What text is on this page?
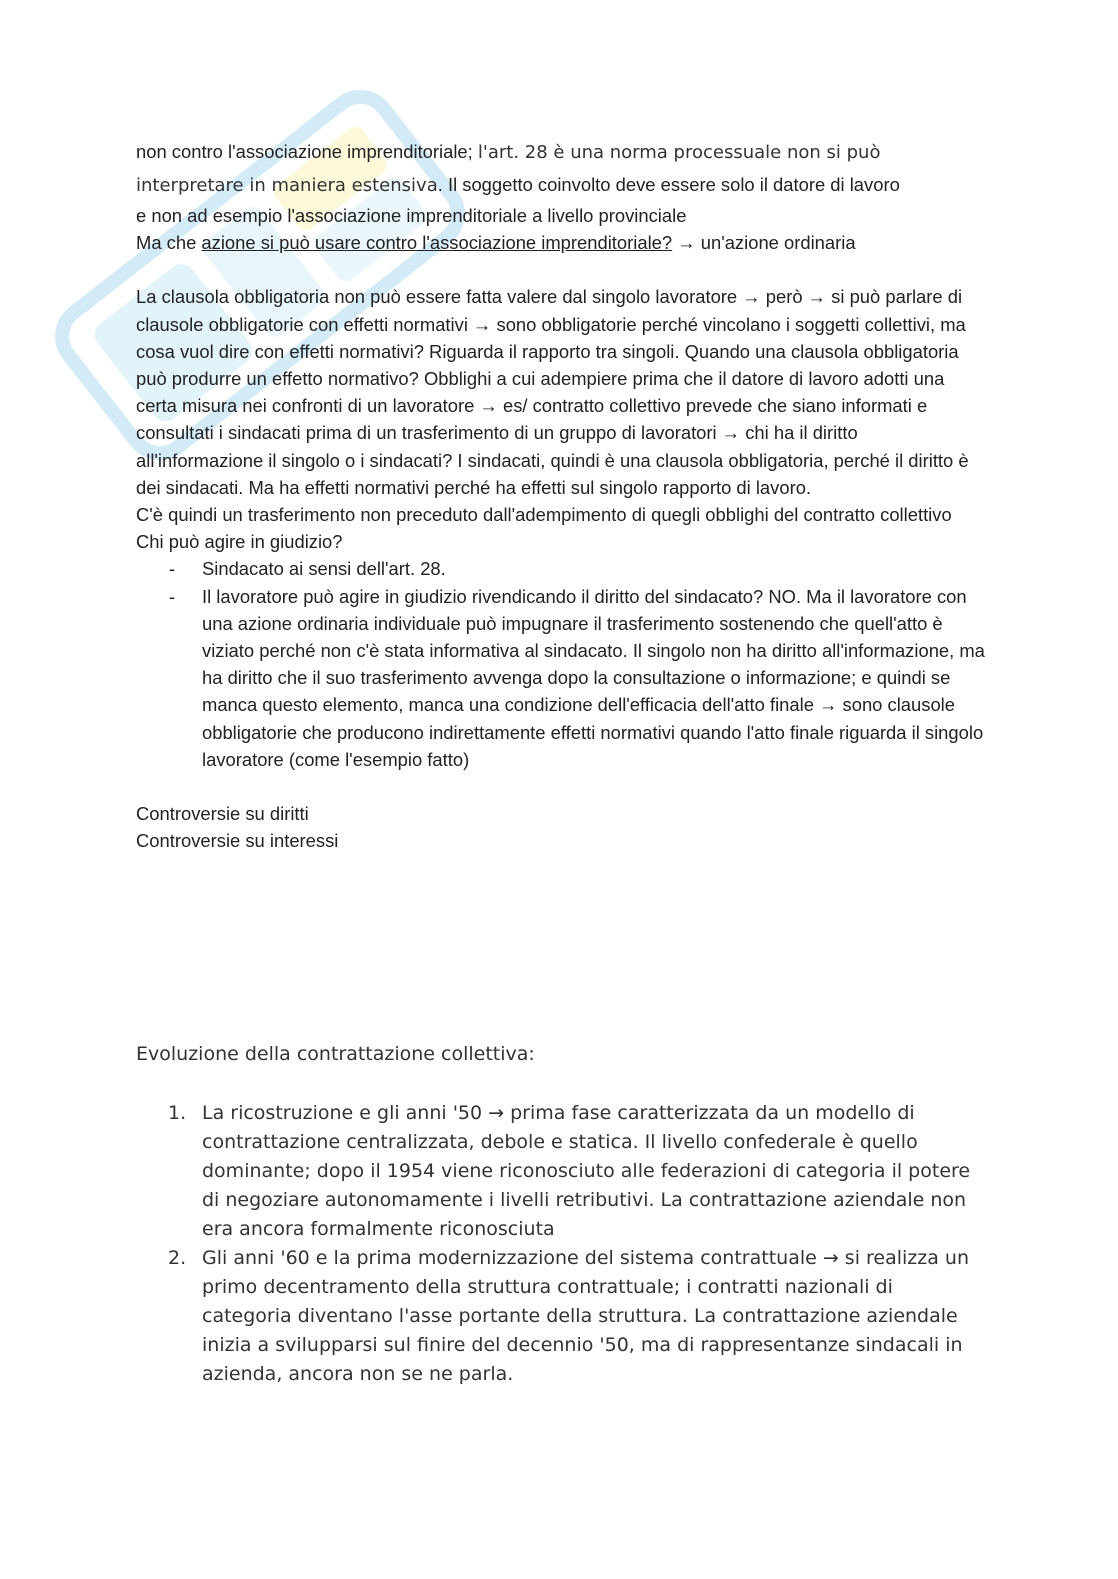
non contro l'associazione imprenditoriale; l'art. 28 è una norma processuale non si può
interpretare in maniera estensiva. Il soggetto coinvolto deve essere solo il datore di lavoro
e non ad esempio l'associazione imprenditoriale a livello provinciale
Ma che azione si può usare contro l'associazione imprenditoriale? → un'azione ordinaria

La clausola obbligatoria non può essere fatta valere dal singolo lavoratore → però → si può parlare di clausole obbligatorie con effetti normativi → sono obbligatorie perché vincolano i soggetti collettivi, ma cosa vuol dire con effetti normativi? Riguarda il rapporto tra singoli. Quando una clausola obbligatoria può produrre un effetto normativo? Obblighi a cui adempiere prima che il datore di lavoro adotti una certa misura nei confronti di un lavoratore → es/ contratto collettivo prevede che siano informati e consultati i sindacati prima di un trasferimento di un gruppo di lavoratori → chi ha il diritto all'informazione il singolo o i sindacati? I sindacati, quindi è una clausola obbligatoria, perché il diritto è dei sindacati. Ma ha effetti normativi perché ha effetti sul singolo rapporto di lavoro.

C'è quindi un trasferimento non preceduto dall'adempimento di quegli obblighi del contratto collettivo

Chi può agire in giudizio?

- Sindacato ai sensi dell'art. 28.
- Il lavoratore può agire in giudizio rivendicando il diritto del sindacato? NO. Ma il lavoratore con una azione ordinaria individuale può impugnare il trasferimento sostenendo che quell'atto è viziato perché non c'è stata informativa al sindacato. Il singolo non ha diritto all'informazione, ma ha diritto che il suo trasferimento avvenga dopo la consultazione o informazione; e quindi se manca questo elemento, manca una condizione dell'efficacia dell'atto finale → sono clausole obbligatorie che producono indirettamente effetti normativi quando l'atto finale riguarda il singolo lavoratore (come l'esempio fatto)

Controversie su diritti

Controversie su interessi

Evoluzione della contrattazione collettiva:
1. La ricostruzione e gli anni '50 → prima fase caratterizzata da un modello di contrattazione centralizzata, debole e statica. Il livello confederale è quello dominante; dopo il 1954 viene riconosciuto alle federazioni di categoria il potere di negoziare autonomamente i livelli retributivi. La contrattazione aziendale non era ancora formalmente riconosciuta
2. Gli anni '60 e la prima modernizzazione del sistema contrattuale → si realizza un primo decentramento della struttura contrattuale; i contratti nazionali di categoria diventano l'asse portante della struttura. La contrattazione aziendale inizia a svilupparsi sul finire del decennio '50, ma di rappresentanze sindacali in azienda, ancora non se ne parla.
